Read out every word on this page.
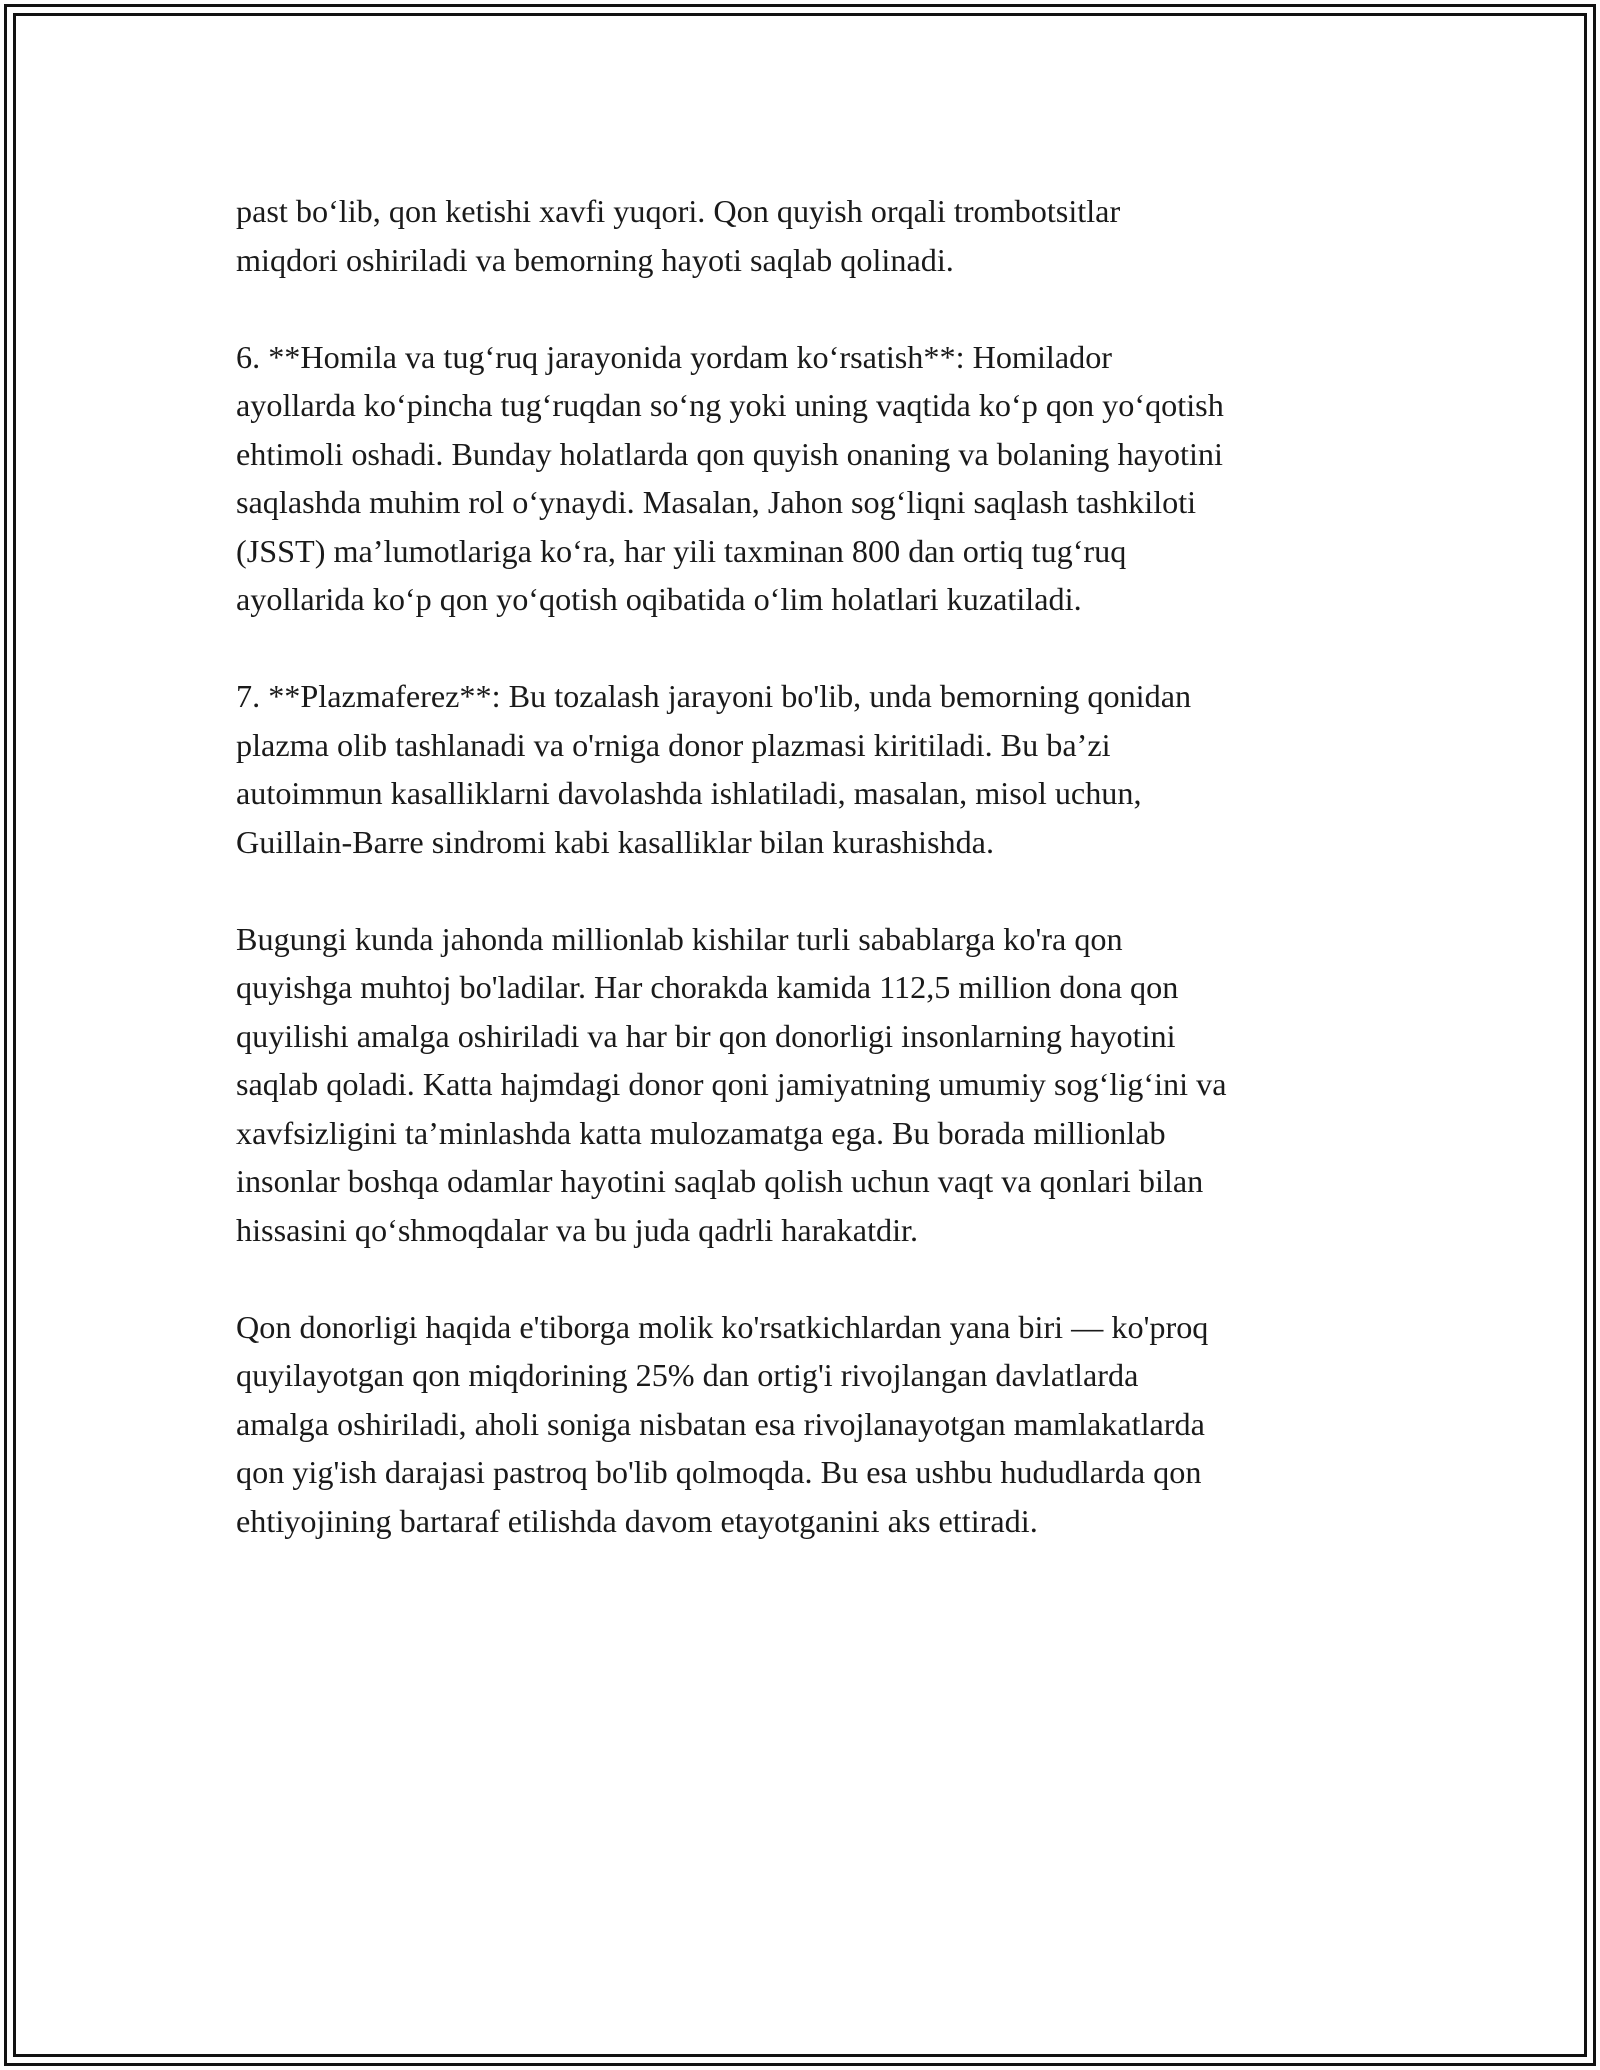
past bo‘lib, qon ketishi xavfi yuqori. Qon quyish orqali trombotsitlar
miqdori oshiriladi va bemorning hayoti saqlab qolinadi.

6. **Homila va tug‘ruq jarayonida yordam ko‘rsatish**: Homilador
ayollarda ko‘pincha tug‘ruqdan so‘ng yoki uning vaqtida ko‘p qon yo‘qotish
ehtimoli oshadi. Bunday holatlarda qon quyish onaning va bolaning hayotini
saqlashda muhim rol o‘ynaydi. Masalan, Jahon sog‘liqni saqlash tashkiloti
(JSST) ma’lumotlariga ko‘ra, har yili taxminan 800 dan ortiq tug‘ruq
ayollarida ko‘p qon yo‘qotish oqibatida o‘lim holatlari kuzatiladi.

7. **Plazmaferez**: Bu tozalash jarayoni bo'lib, unda bemorning qonidan
plazma olib tashlanadi va o'rniga donor plazmasi kiritiladi. Bu ba’zi
autoimmun kasalliklarni davolashda ishlatiladi, masalan, misol uchun,
Guillain-Barre sindromi kabi kasalliklar bilan kurashishda.

Bugungi kunda jahonda millionlab kishilar turli sabablarga ko'ra qon
quyishga muhtoj bo'ladilar. Har chorakda kamida 112,5 million dona qon
quyilishi amalga oshiriladi va har bir qon donorligi insonlarning hayotini
saqlab qoladi. Katta hajmdagi donor qoni jamiyatning umumiy sog‘lig‘ini va
xavfsizligini ta’minlashda katta mulozamatga ega. Bu borada millionlab
insonlar boshqa odamlar hayotini saqlab qolish uchun vaqt va qonlari bilan
hissasini qo‘shmoqdalar va bu juda qadrli harakatdir.

Qon donorligi haqida e'tiborga molik ko'rsatkichlardan yana biri — ko'proq
quyilayotgan qon miqdorining 25% dan ortig'i rivojlangan davlatlarda
amalga oshiriladi, aholi soniga nisbatan esa rivojlanayotgan mamlakatlarda
qon yig'ish darajasi pastroq bo'lib qolmoqda. Bu esa ushbu hududlarda qon
ehtiyojining bartaraf etilishda davom etayotganini aks ettiradi.
